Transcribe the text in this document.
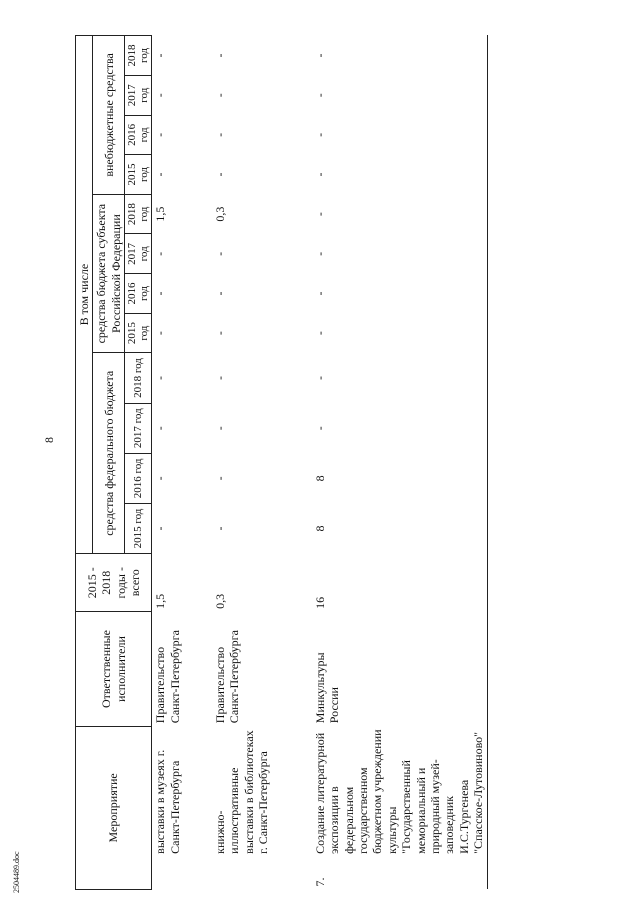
8
2504489.doc
Мероприятие		Ответственные исполнители	2015 - 2018 годы - всего	В том числе											
				средства федерального бюджета				средства бюджета субъекта Российской Федерации				внебюджетные средства			

				2015 год	2016 год	2017 год	2018 год	2015 год	2016 год	2017 год	2018 год	2015 год	2016 год	2017 год	2018 год
	выставки в музеях г. Санкт-Петербурга	Правительство Санкт-Петербурга	1,5	-	-	-	-	-	-	-	1,5	-	-	-	-
	книжно-иллюстративные выставки в библиотеках г. Санкт-Петербурга	Правительство Санкт-Петербурга	0,3	-	-	-	-	-	-	-	0,3	-	-	-	-
7.	Создание литературной экспозиции в федеральном государственном бюджетном учреждении культуры "Государственный мемориальный и природный музей-заповедник И.С.Тургенева "Спасское-Лутовиново"	Минкультуры России	16	8	8	-	-	-	-	-	-	-	-	-	-
